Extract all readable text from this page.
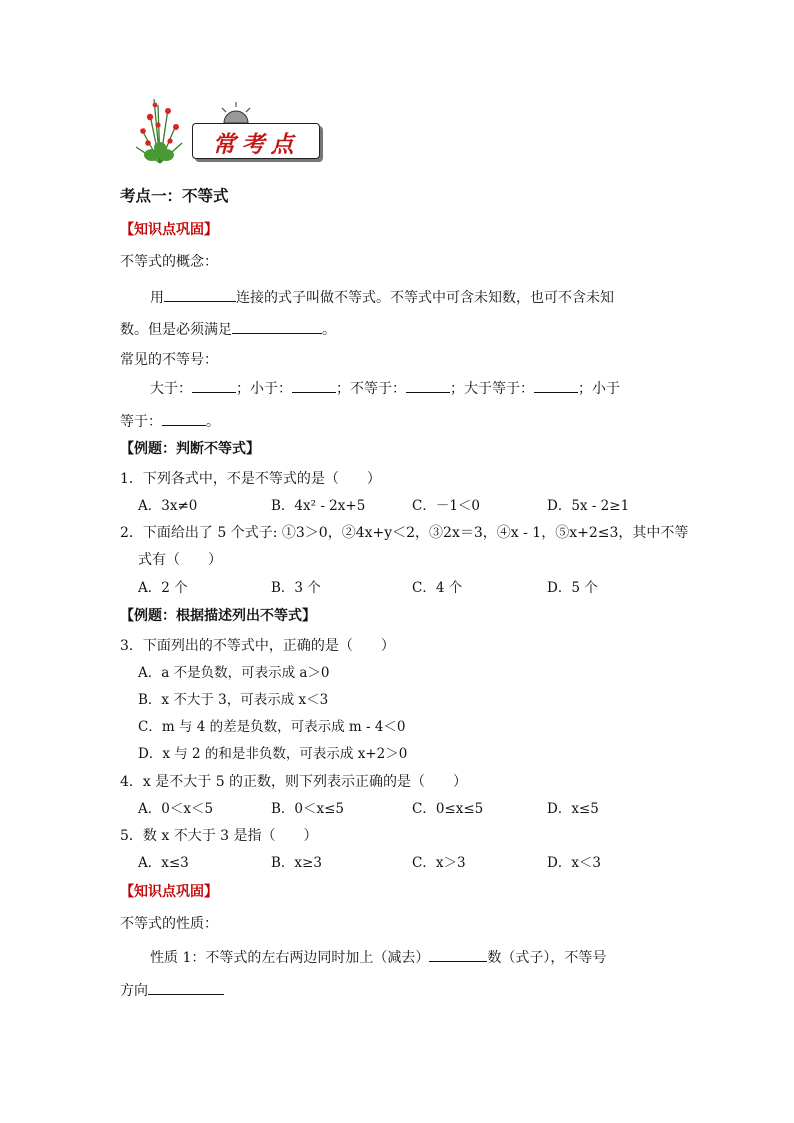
常考点
考点一：不等式
【知识点巩固】
不等式的概念：
用	连接的式子叫做不等式。不等式中可含未知数，也可不含未知
数。但是必须满足	。
常见的不等号：
大于：	；小于：	；不等于：	；大于等于：	；小于
等于：	。
【例题：判断不等式】
1．下列各式中，不是不等式的是（　　）
A．3x≠0	B．4x² - 2x+5	C．－1＜0	D．5x - 2≥1
2．下面给出了 5 个式子: ①3＞0，②4x+y＜2，③2x＝3，④x - 1，⑤x+2≤3，其中不等
式有（　　）
A．2 个	B．3 个	C．4 个	D．5 个
【例题：根据描述列出不等式】
3．下面列出的不等式中，正确的是（　　）
A．a 不是负数，可表示成 a＞0
B．x 不大于 3，可表示成 x＜3
C．m 与 4 的差是负数，可表示成 m - 4＜0
D．x 与 2 的和是非负数，可表示成 x+2＞0
4．x 是不大于 5 的正数，则下列表示正确的是（　　）
A．0＜x＜5	B．0＜x≤5	C．0≤x≤5	D．x≤5
5．数 x 不大于 3 是指（　　）
A．x≤3	B．x≥3	C．x＞3	D．x＜3
【知识点巩固】
不等式的性质：
性质 1：不等式的左右两边同时加上（减去）	数（式子），不等号
方向
